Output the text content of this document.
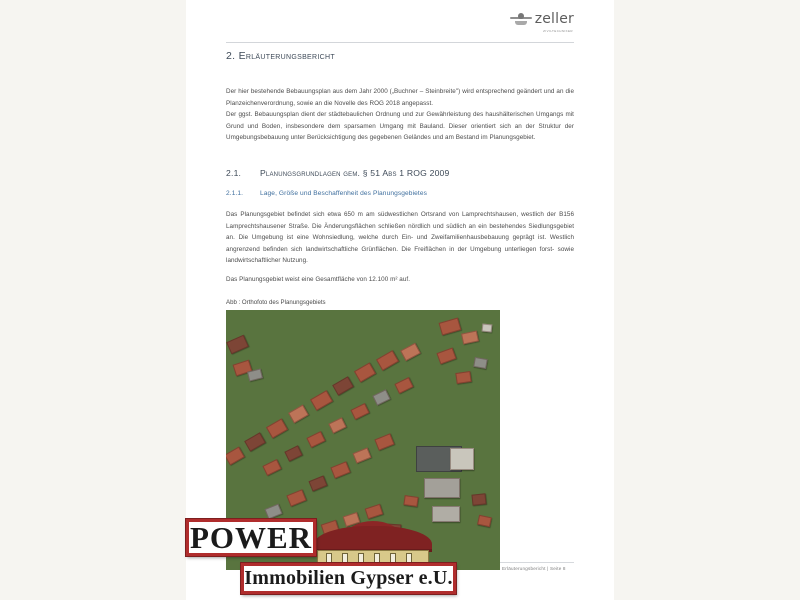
zeller
ZIVILTECHNIKER
2. Erläuterungsbericht

Der hier bestehende Bebauungsplan aus dem Jahr 2000 („Buchner – Steinbreite") wird entsprechend geändert und an die Planzeichenverordnung, sowie an die Novelle des ROG 2018 angepasst.

Der ggst. Bebauungsplan dient der städtebaulichen Ordnung und zur Gewährleistung des haushälterischen Umgangs mit Grund und Boden, insbesondere dem sparsamen Umgang mit Bauland. Dieser orientiert sich an der Struktur der Umgebungsbebauung unter Berücksichtigung des gegebenen Geländes und am Bestand im Planungsgebiet.

2.1.	Planungsgrundlagen gem. § 51 Abs 1 ROG 2009
2.1.1.	Lage, Größe und Beschaffenheit des Planungsgebietes

Das Planungsgebiet befindet sich etwa 650 m am südwestlichen Ortsrand von Lamprechtshausen, westlich der B156 Lamprechtshausener Straße. Die Änderungsflächen schließen nördlich und südlich an ein bestehendes Siedlungsgebiet an. Die Umgebung ist eine Wohnsiedlung, welche durch Ein- und Zweifamilienhausbebauung geprägt ist. Westlich angrenzend befinden sich landwirtschaftliche Grünflächen. Die Freiflächen in der Umgebung unterliegen forst- sowie landwirtschaftlicher Nutzung.

Das Planungsgebiet weist eine Gesamtfläche von 12.100 m² auf.

Abb : Orthofoto des Planungsgebiets

Erläuterungsbericht | Seite 8
POWER
Immobilien Gypser e.U.
